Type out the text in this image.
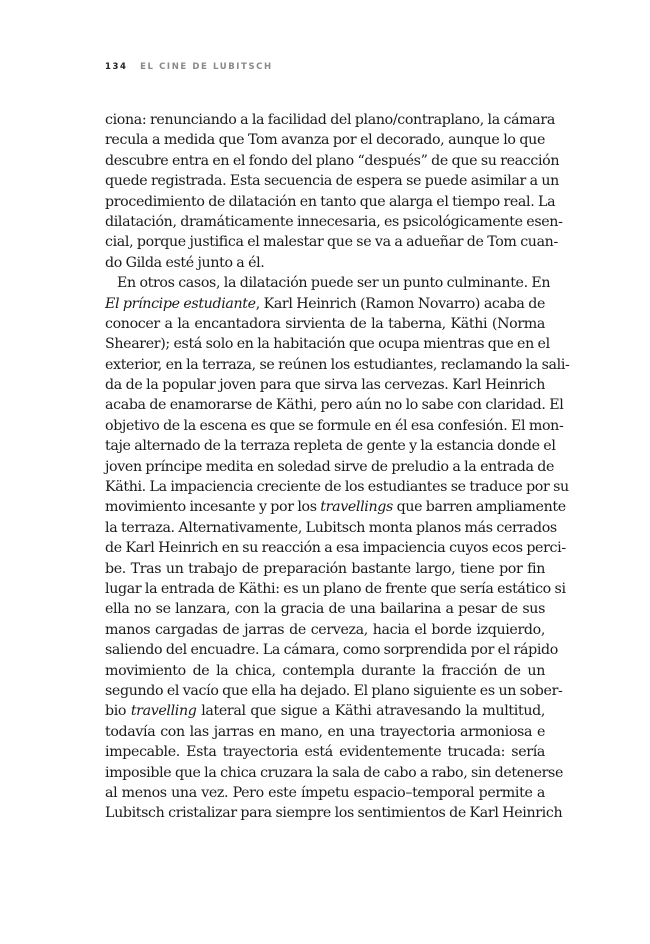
134 EL CINE DE LUBITSCH
ciona: renunciando a la facilidad del plano/contraplano, la cámara
recula a medida que Tom avanza por el decorado, aunque lo que
descubre entra en el fondo del plano “después” de que su reacción
quede registrada. Esta secuencia de espera se puede asimilar a un
procedimiento de dilatación en tanto que alarga el tiempo real. La
dilatación, dramáticamente innecesaria, es psicológicamente esen-
cial, porque justifica el malestar que se va a adueñar de Tom cuan-
do Gilda esté junto a él.
En otros casos, la dilatación puede ser un punto culminante. En
El príncipe estudiante, Karl Heinrich (Ramon Novarro) acaba de
conocer a la encantadora sirvienta de la taberna, Käthi (Norma
Shearer); está solo en la habitación que ocupa mientras que en el
exterior, en la terraza, se reúnen los estudiantes, reclamando la sali-
da de la popular joven para que sirva las cervezas. Karl Heinrich
acaba de enamorarse de Käthi, pero aún no lo sabe con claridad. El
objetivo de la escena es que se formule en él esa confesión. El mon-
taje alternado de la terraza repleta de gente y la estancia donde el
joven príncipe medita en soledad sirve de preludio a la entrada de
Käthi. La impaciencia creciente de los estudiantes se traduce por su
movimiento incesante y por los travellings que barren ampliamente
la terraza. Alternativamente, Lubitsch monta planos más cerrados
de Karl Heinrich en su reacción a esa impaciencia cuyos ecos perci-
be. Tras un trabajo de preparación bastante largo, tiene por fin
lugar la entrada de Käthi: es un plano de frente que sería estático si
ella no se lanzara, con la gracia de una bailarina a pesar de sus
manos cargadas de jarras de cerveza, hacia el borde izquierdo,
saliendo del encuadre. La cámara, como sorprendida por el rápido
movimiento de la chica, contempla durante la fracción de un
segundo el vacío que ella ha dejado. El plano siguiente es un sober-
bio travelling lateral que sigue a Käthi atravesando la multitud,
todavía con las jarras en mano, en una trayectoria armoniosa e
impecable. Esta trayectoria está evidentemente trucada: sería
imposible que la chica cruzara la sala de cabo a rabo, sin detenerse
al menos una vez. Pero este ímpetu espacio–temporal permite a
Lubitsch cristalizar para siempre los sentimientos de Karl Heinrich
